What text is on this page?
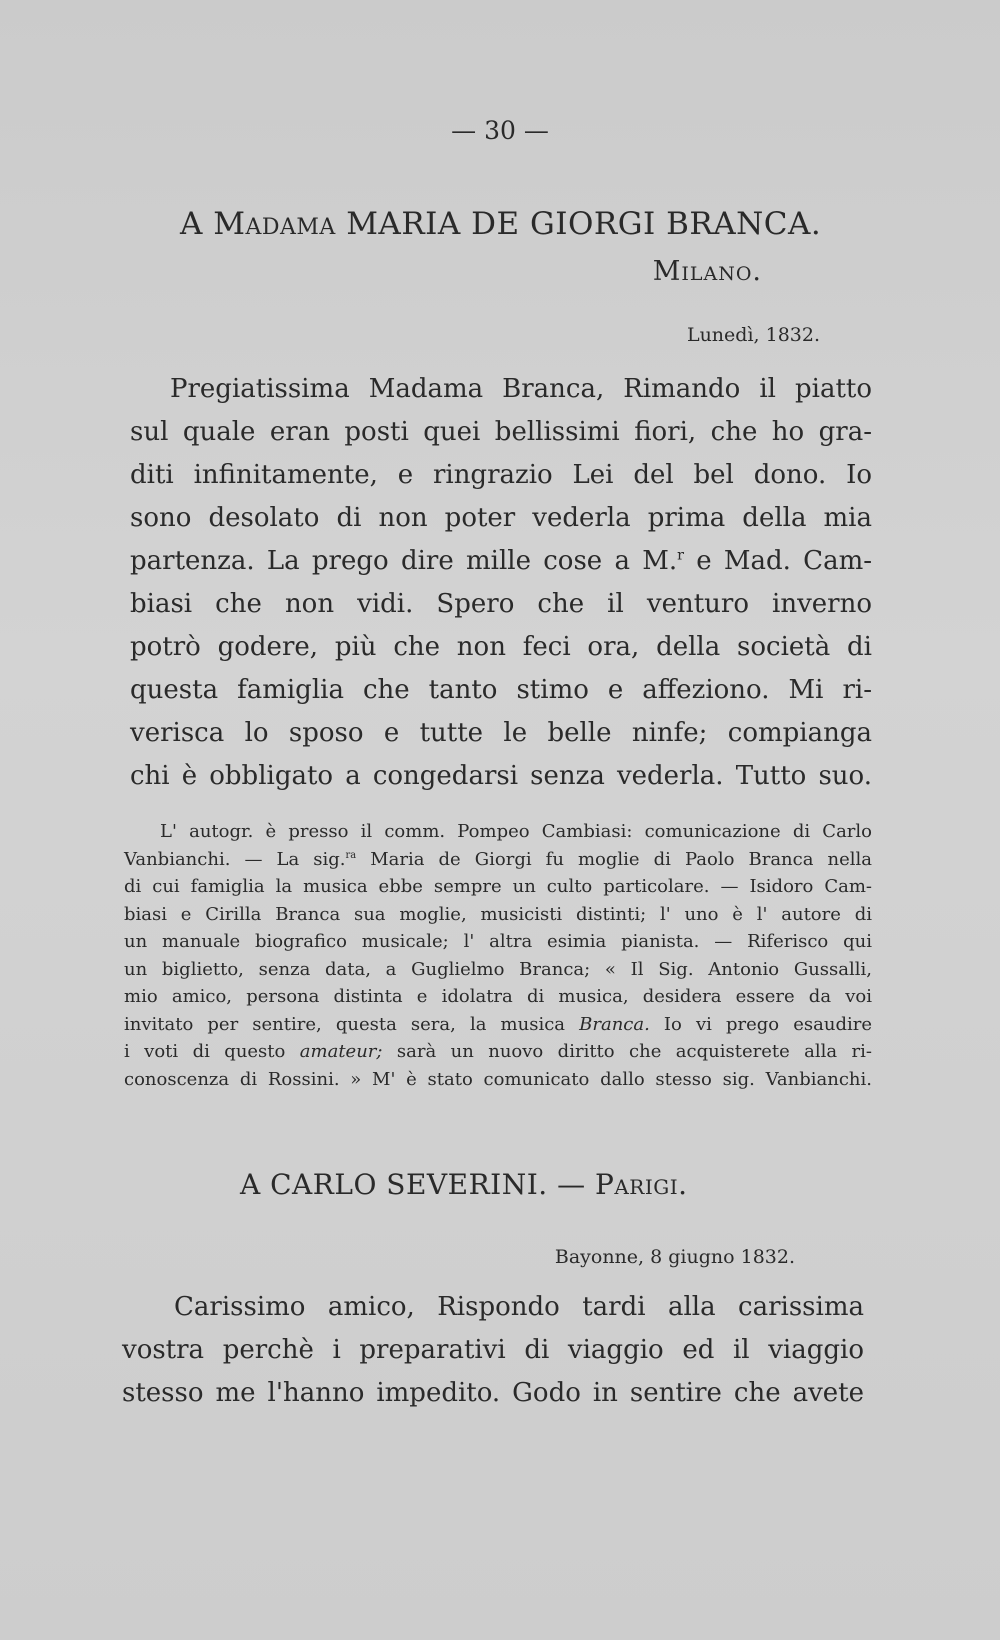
— 30 —
A Madama MARIA DE GIORGI BRANCA.
Milano.
Lunedì, 1832.
Pregiatissima Madama Branca, Rimando il piatto
sul quale eran posti quei bellissimi fiori, che ho gra-
diti infinitamente, e ringrazio Lei del bel dono. Io
sono desolato di non poter vederla prima della mia
partenza. La prego dire mille cose a M.$^r$ e Mad. Cam-
biasi che non vidi. Spero che il venturo inverno
potrò godere, più che non feci ora, della società di
questa famiglia che tanto stimo e affeziono. Mi ri-
verisca lo sposo e tutte le belle ninfe; compianga
chi è obbligato a congedarsi senza vederla. Tutto suo.
L' autogr. è presso il comm. Pompeo Cambiasi: comunicazione di Carlo
Vanbianchi. — La sig.$^{ra}$ Maria de Giorgi fu moglie di Paolo Branca nella
di cui famiglia la musica ebbe sempre un culto particolare. — Isidoro Cam-
biasi e Cirilla Branca sua moglie, musicisti distinti; l' uno è l' autore di
un manuale biografico musicale; l' altra esimia pianista. — Riferisco qui
un biglietto, senza data, a Guglielmo Branca; « Il Sig. Antonio Gussalli,
mio amico, persona distinta e idolatra di musica, desidera essere da voi
invitato per sentire, questa sera, la musica Branca. Io vi prego esaudire
i voti di questo amateur; sarà un nuovo diritto che acquisterete alla ri-
conoscenza di Rossini. » M' è stato comunicato dallo stesso sig. Vanbianchi.
A CARLO SEVERINI. — Parigi.
Bayonne, 8 giugno 1832.
Carissimo amico, Rispondo tardi alla carissima
vostra perchè i preparativi di viaggio ed il viaggio
stesso me l'hanno impedito. Godo in sentire che avete
